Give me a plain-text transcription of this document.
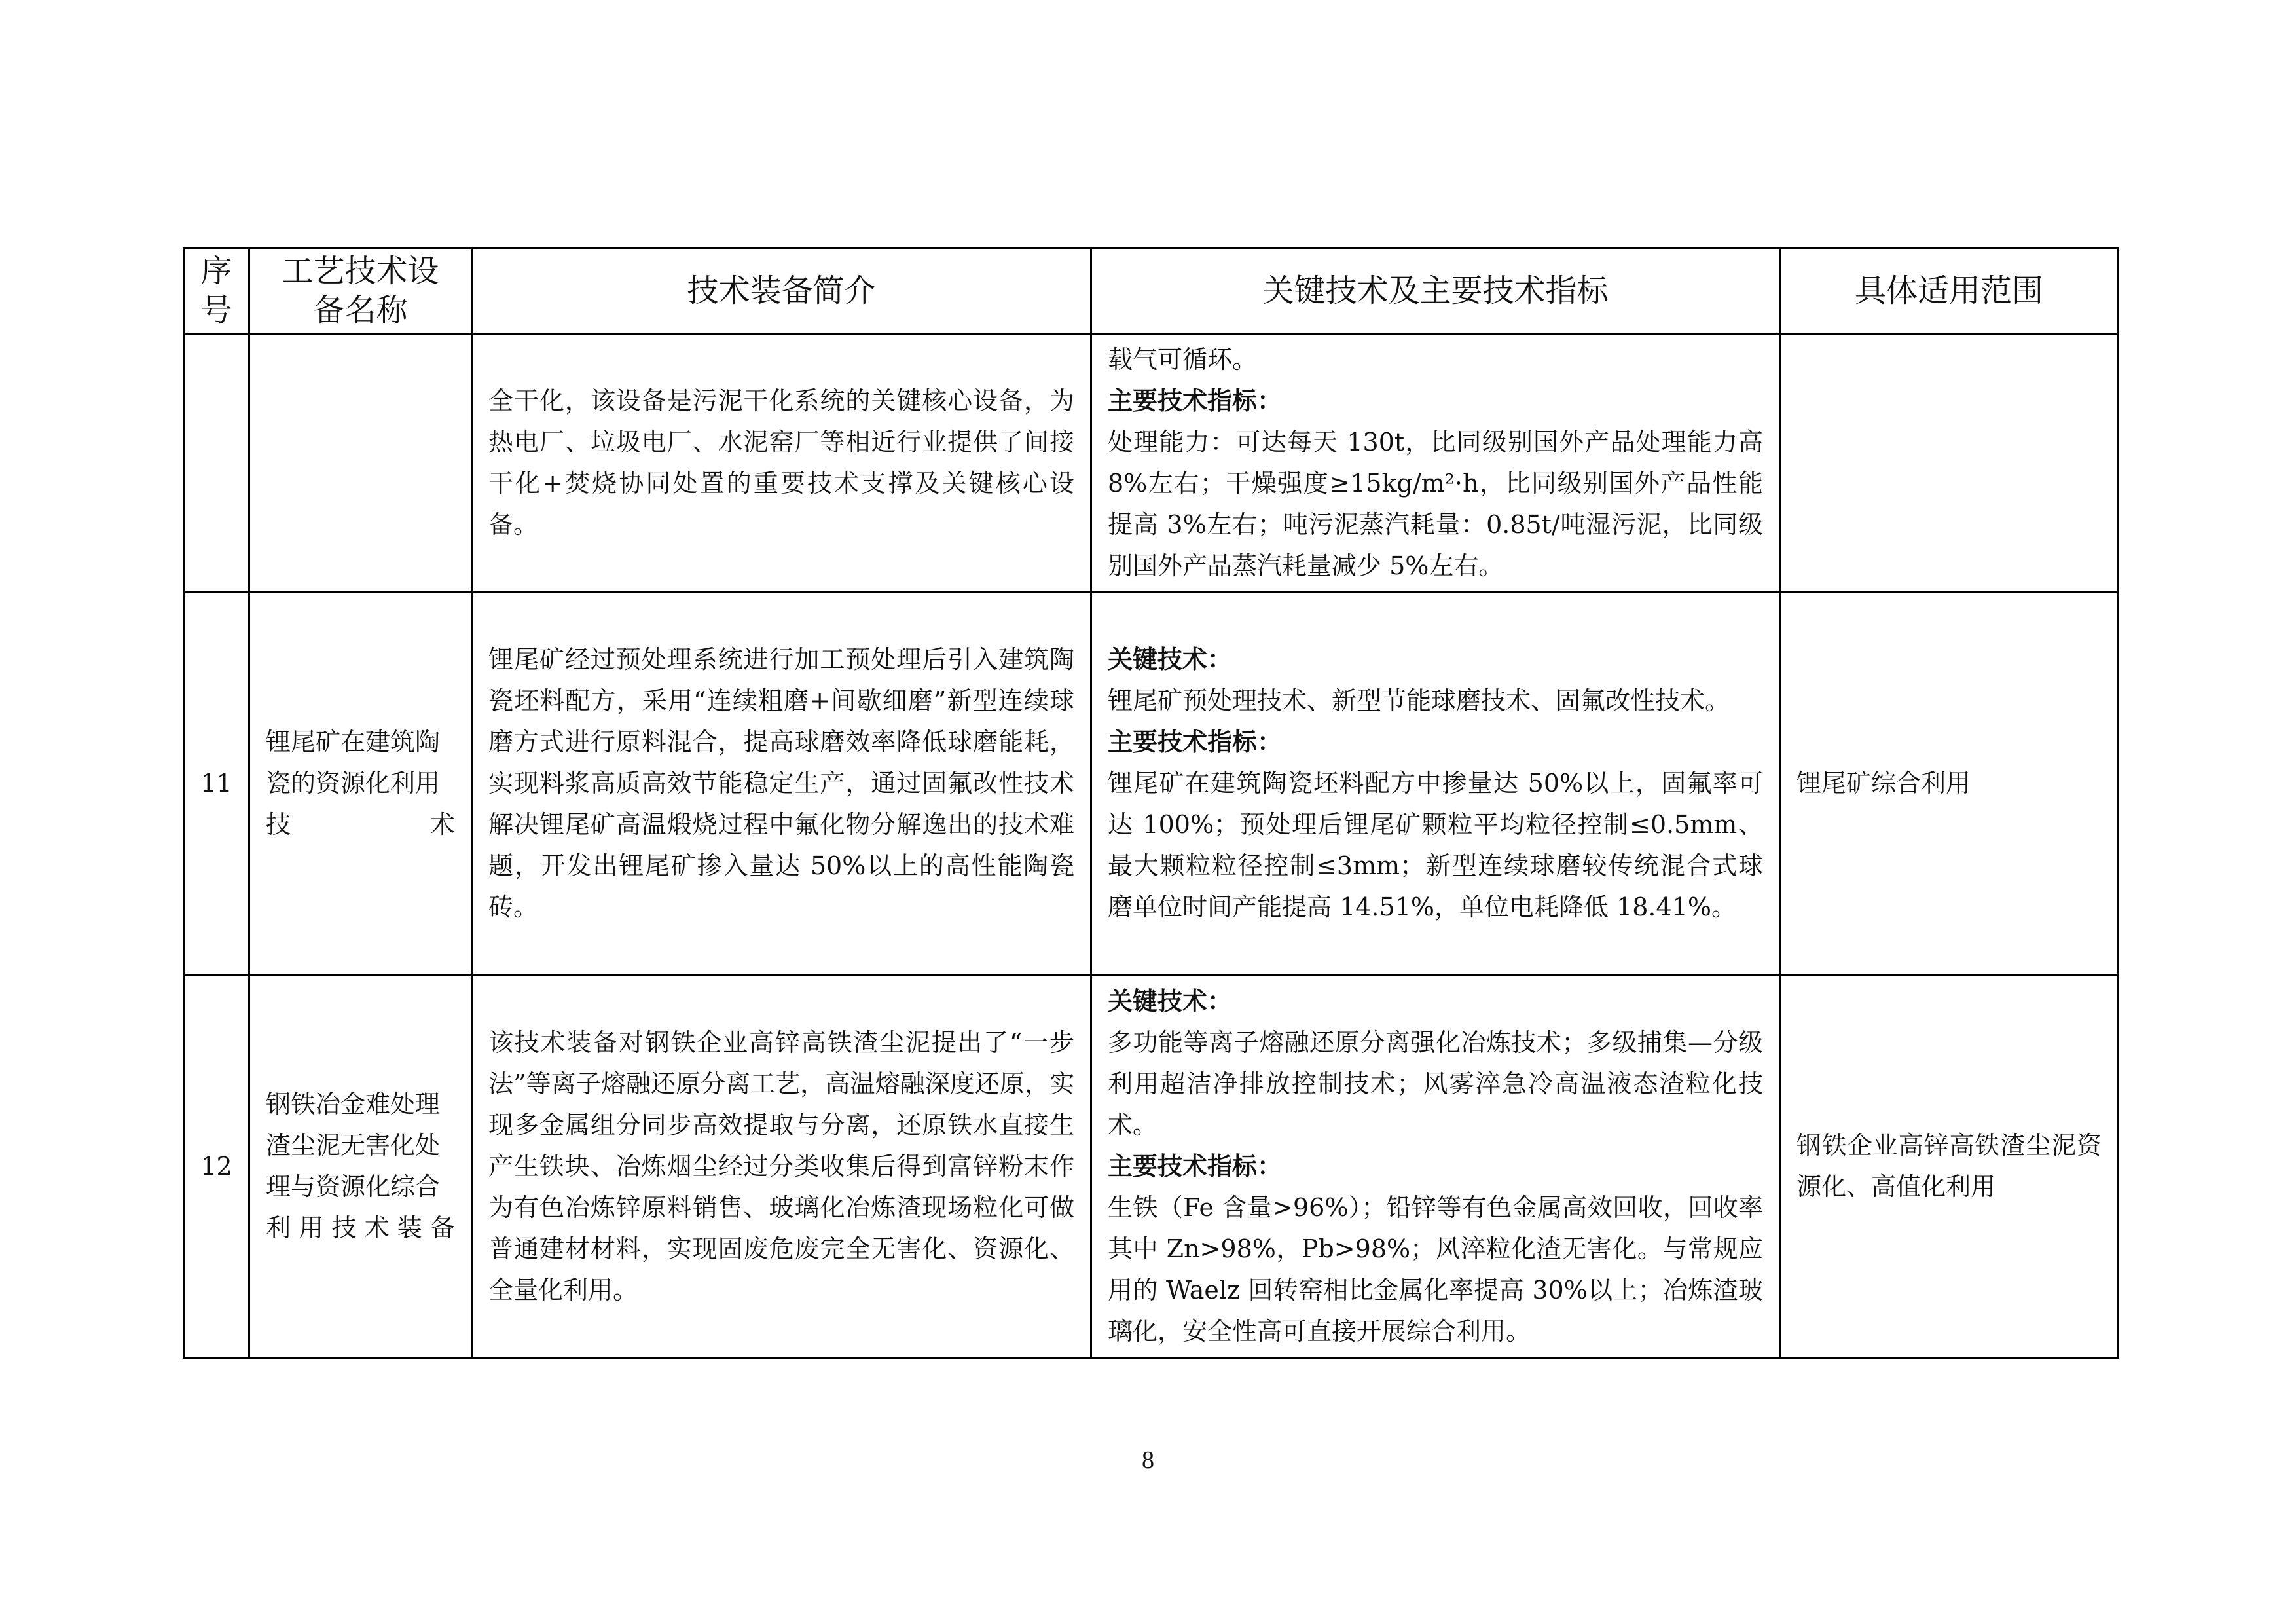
序号	工艺技术设备名称	技术装备简介	关键技术及主要技术指标	具体适用范围

		全干化，该设备是污泥干化系统的关键核心设备，为热电厂、垃圾电厂、水泥窑厂等相近行业提供了间接干化+焚烧协同处置的重要技术支撑及关键核心设备。	载气可循环。
主要技术指标：
处理能力：可达每天 130t，比同级别国外产品处理能力高 8%左右；干燥强度≥15kg/m²·h，比同级别国外产品性能提高 3%左右；吨污泥蒸汽耗量：0.85t/吨湿污泥，比同级别国外产品蒸汽耗量减少 5%左右。	

11	锂尾矿在建筑陶瓷的资源化利用技术	锂尾矿经过预处理系统进行加工预处理后引入建筑陶瓷坯料配方，采用“连续粗磨+间歇细磨”新型连续球磨方式进行原料混合，提高球磨效率降低球磨能耗，实现料浆高质高效节能稳定生产，通过固氟改性技术解决锂尾矿高温煅烧过程中氟化物分解逸出的技术难题，开发出锂尾矿掺入量达 50%以上的高性能陶瓷砖。	关键技术：
锂尾矿预处理技术、新型节能球磨技术、固氟改性技术。
主要技术指标：
锂尾矿在建筑陶瓷坯料配方中掺量达 50%以上，固氟率可达 100%；预处理后锂尾矿颗粒平均粒径控制≤0.5mm、最大颗粒粒径控制≤3mm；新型连续球磨较传统混合式球磨单位时间产能提高 14.51%，单位电耗降低 18.41%。	锂尾矿综合利用

12	钢铁冶金难处理渣尘泥无害化处理与资源化综合利用技术装备	该技术装备对钢铁企业高锌高铁渣尘泥提出了“一步法”等离子熔融还原分离工艺，高温熔融深度还原，实现多金属组分同步高效提取与分离，还原铁水直接生产生铁块、冶炼烟尘经过分类收集后得到富锌粉末作为有色冶炼锌原料销售、玻璃化冶炼渣现场粒化可做普通建材材料，实现固废危废完全无害化、资源化、全量化利用。	关键技术：
多功能等离子熔融还原分离强化冶炼技术；多级捕集—分级利用超洁净排放控制技术；风雾淬急冷高温液态渣粒化技术。
主要技术指标：
生铁（Fe 含量>96%）；铅锌等有色金属高效回收，回收率其中 Zn>98%，Pb>98%；风淬粒化渣无害化。与常规应用的 Waelz 回转窑相比金属化率提高 30%以上；冶炼渣玻璃化，安全性高可直接开展综合利用。	钢铁企业高锌高铁渣尘泥资源化、高值化利用
8
